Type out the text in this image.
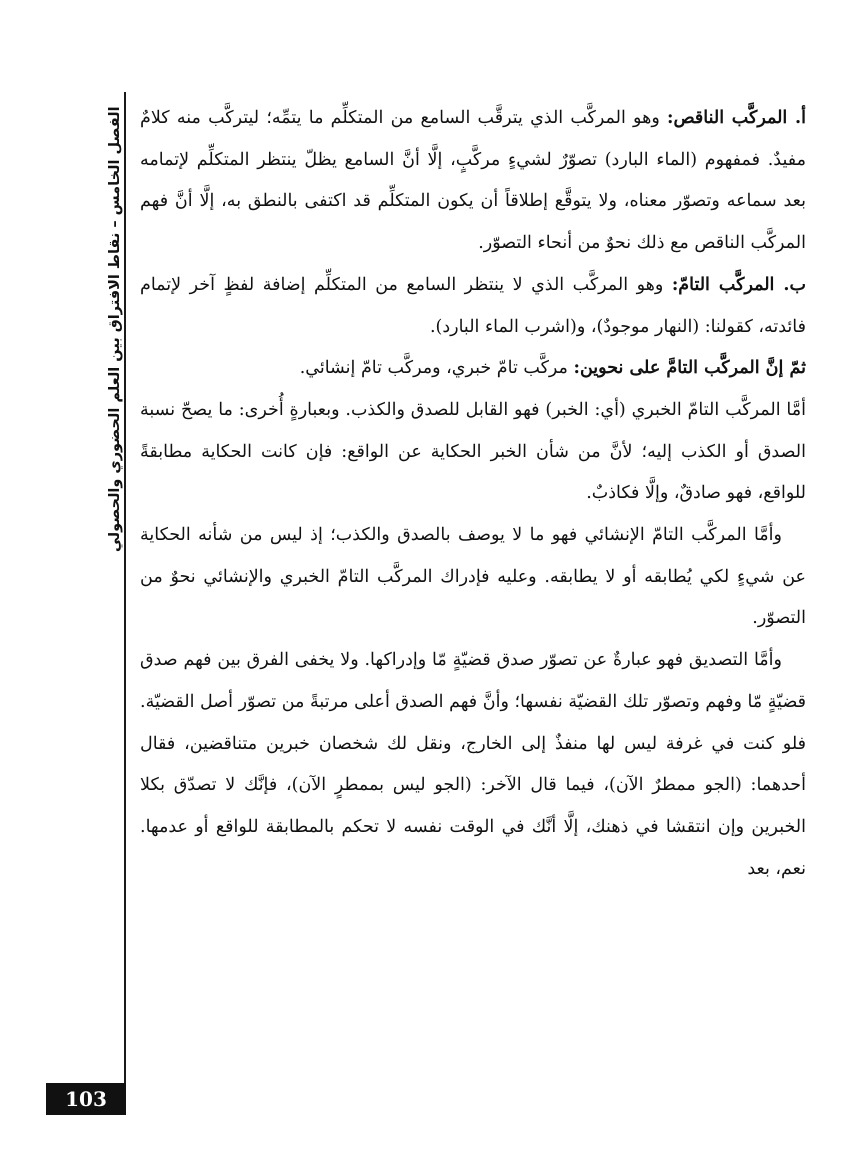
الفصل الخامس – نقاط الافتراق بين العلم الحضوري والحصولي	أ. المركَّب الناقص: وهو المركَّب الذي يترقَّب السامع من المتكلِّم ما يتمِّه؛ ليتركَّب منه كلامٌ مفيدٌ. فمفهوم (الماء البارد) تصوّرٌ لشيءٍ مركَّبٍ، إلَّا أنَّ السامع يظلّ ينتظر المتكلِّم لإتمامه بعد سماعه وتصوّر معناه، ولا يتوقَّع إطلاقاً أن يكون المتكلِّم قد اكتفى بالنطق به، إلَّا أنَّ فهم المركَّب الناقص مع ذلك نحوٌ من أنحاء التصوّر.

ب. المركَّب التامّ: وهو المركَّب الذي لا ينتظر السامع من المتكلِّم إضافة لفظٍ آخر لإتمام فائدته، كقولنا: (النهار موجودٌ)، و(اشرب الماء البارد).

ثمّ إنَّ المركَّب التامَّ على نحوين: مركَّب تامّ خبري، ومركَّب تامّ إنشائي.

أمَّا المركَّب التامّ الخبري (أي: الخبر) فهو القابل للصدق والكذب. وبعبارةٍ أُخرى: ما يصحّ نسبة الصدق أو الكذب إليه؛ لأنَّ من شأن الخبر الحكاية عن الواقع: فإن كانت الحكاية مطابقةً للواقع، فهو صادقٌ، وإلَّا فكاذبٌ.

وأمَّا المركَّب التامّ الإنشائي فهو ما لا يوصف بالصدق والكذب؛ إذ ليس من شأنه الحكاية عن شيءٍ لكي يُطابقه أو لا يطابقه. وعليه فإدراك المركَّب التامّ الخبري والإنشائي نحوٌ من التصوّر.

وأمَّا التصديق فهو عبارةٌ عن تصوّر صدق قضيّةٍ مّا وإدراكها. ولا يخفى الفرق بين فهم صدق قضيّةٍ مّا وفهم وتصوّر تلك القضيّة نفسها؛ وأنَّ فهم الصدق أعلى مرتبةً من تصوّر أصل القضيّة. فلو كنت في غرفة ليس لها منفذٌ إلى الخارج، ونقل لك شخصان خبرين متناقضين، فقال أحدهما: (الجو ممطرٌ الآن)، فيما قال الآخر: (الجو ليس بممطرٍ الآن)، فإنَّك لا تصدّق بكلا الخبرين وإن انتقشا في ذهنك، إلَّا أنَّك في الوقت نفسه لا تحكم بالمطابقة للواقع أو عدمها. نعم، بعد

103
